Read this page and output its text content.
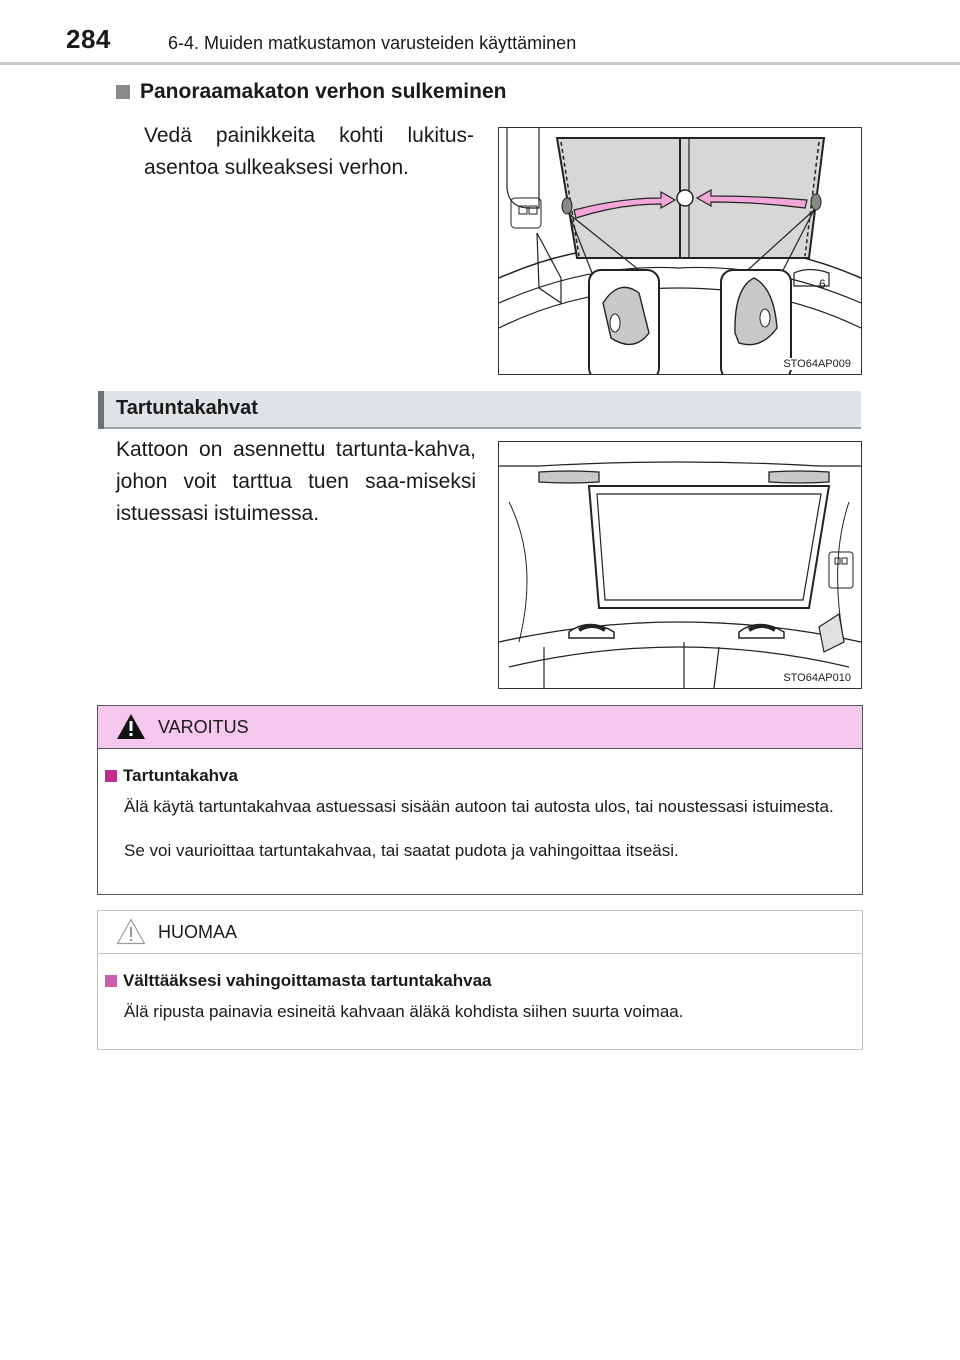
284	6-4. Muiden matkustamon varusteiden käyttäminen
Panoraamakaton verhon sulkeminen
Vedä painikkeita kohti lukitus-asentoa sulkeaksesi verhon.
6
STO64AP009
Tartuntakahvat
Kattoon on asennettu tartunta-kahva, johon voit tarttua tuen saa-miseksi istuessasi istuimessa.
STO64AP010
VAROITUS
Tartuntakahva
Älä käytä tartuntakahvaa astuessasi sisään autoon tai autosta ulos, tai noustessasi istuimesta.
Se voi vaurioittaa tartuntakahvaa, tai saatat pudota ja vahingoittaa itseäsi.
HUOMAA
Välttääksesi vahingoittamasta tartuntakahvaa
Älä ripusta painavia esineitä kahvaan äläkä kohdista siihen suurta voimaa.
